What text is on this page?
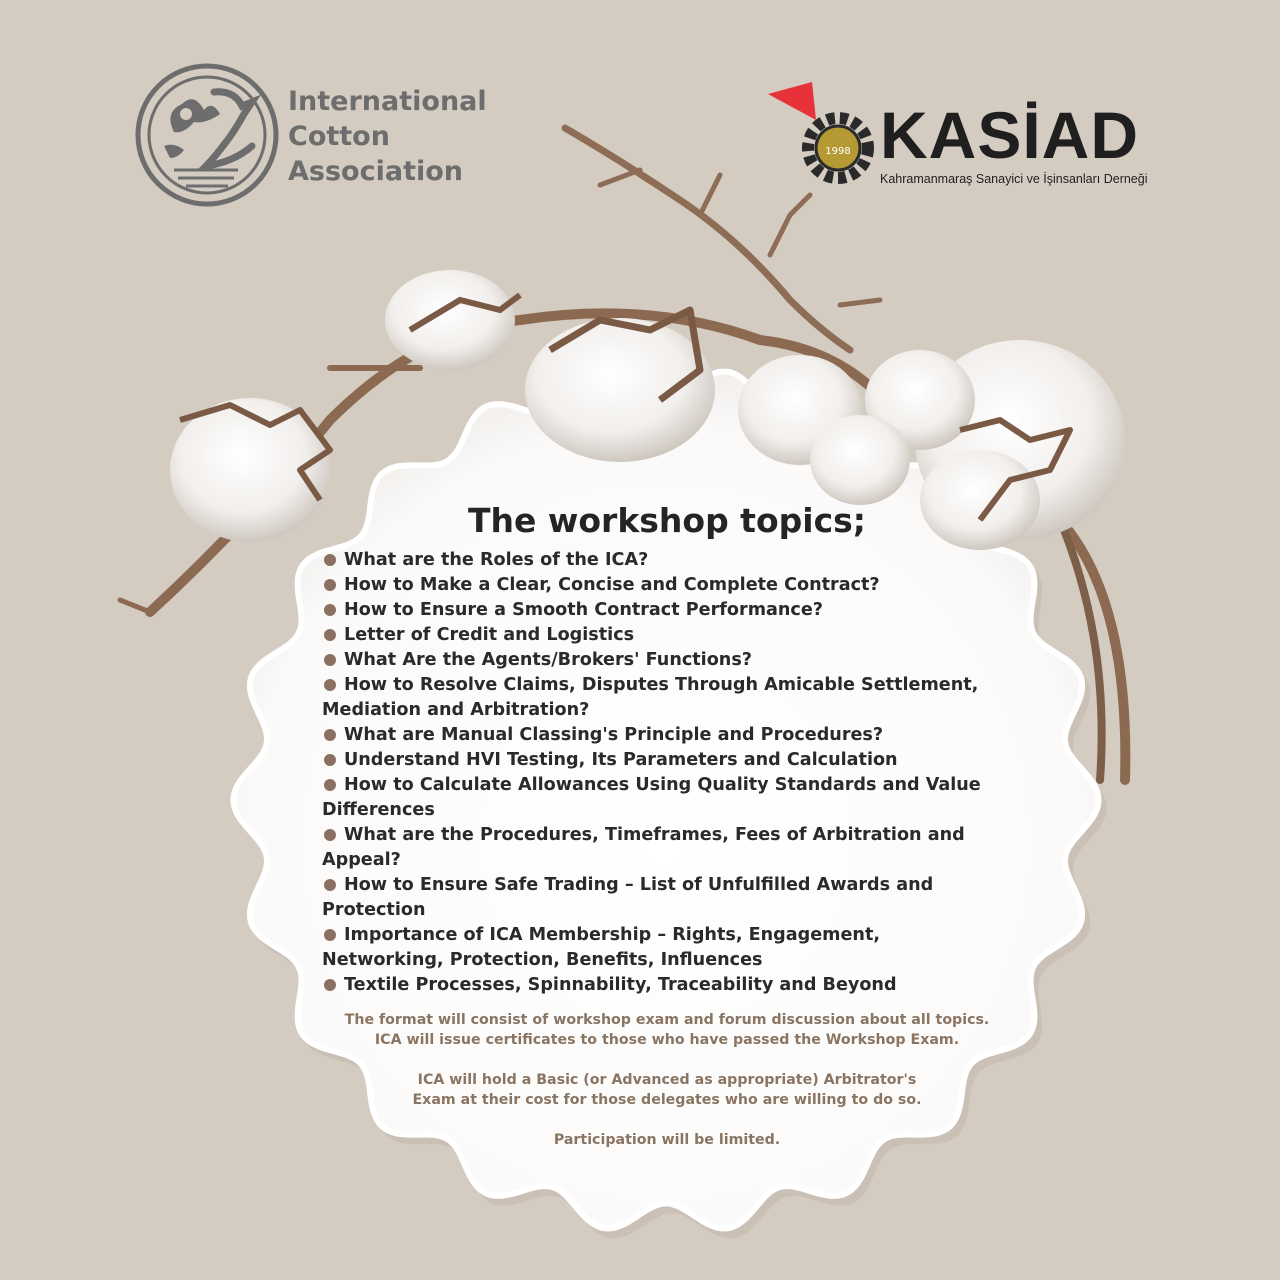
International
Cotton
Association
1998 KASİAD
Kahramanmaraş Sanayici ve İşinsanları Derneği
The workshop topics;
What are the Roles of the ICA?
How to Make a Clear, Concise and Complete Contract?
How to Ensure a Smooth Contract Performance?
Letter of Credit and Logistics
What Are the Agents/Brokers' Functions?
How to Resolve Claims, Disputes Through Amicable Settlement,
Mediation and Arbitration?
What are Manual Classing's Principle and Procedures?
Understand HVI Testing, Its Parameters and Calculation
How to Calculate Allowances Using Quality Standards and Value
Differences
What are the Procedures, Timeframes, Fees of Arbitration and
Appeal?
How to Ensure Safe Trading – List of Unfulfilled Awards and
Protection
Importance of ICA Membership – Rights, Engagement,
Networking, Protection, Benefits, Influences
Textile Processes, Spinnability, Traceability and Beyond

The format will consist of workshop exam and forum discussion about all topics.
ICA will issue certificates to those who have passed the Workshop Exam.

ICA will hold a Basic (or Advanced as appropriate) Arbitrator's
Exam at their cost for those delegates who are willing to do so.

Participation will be limited.
